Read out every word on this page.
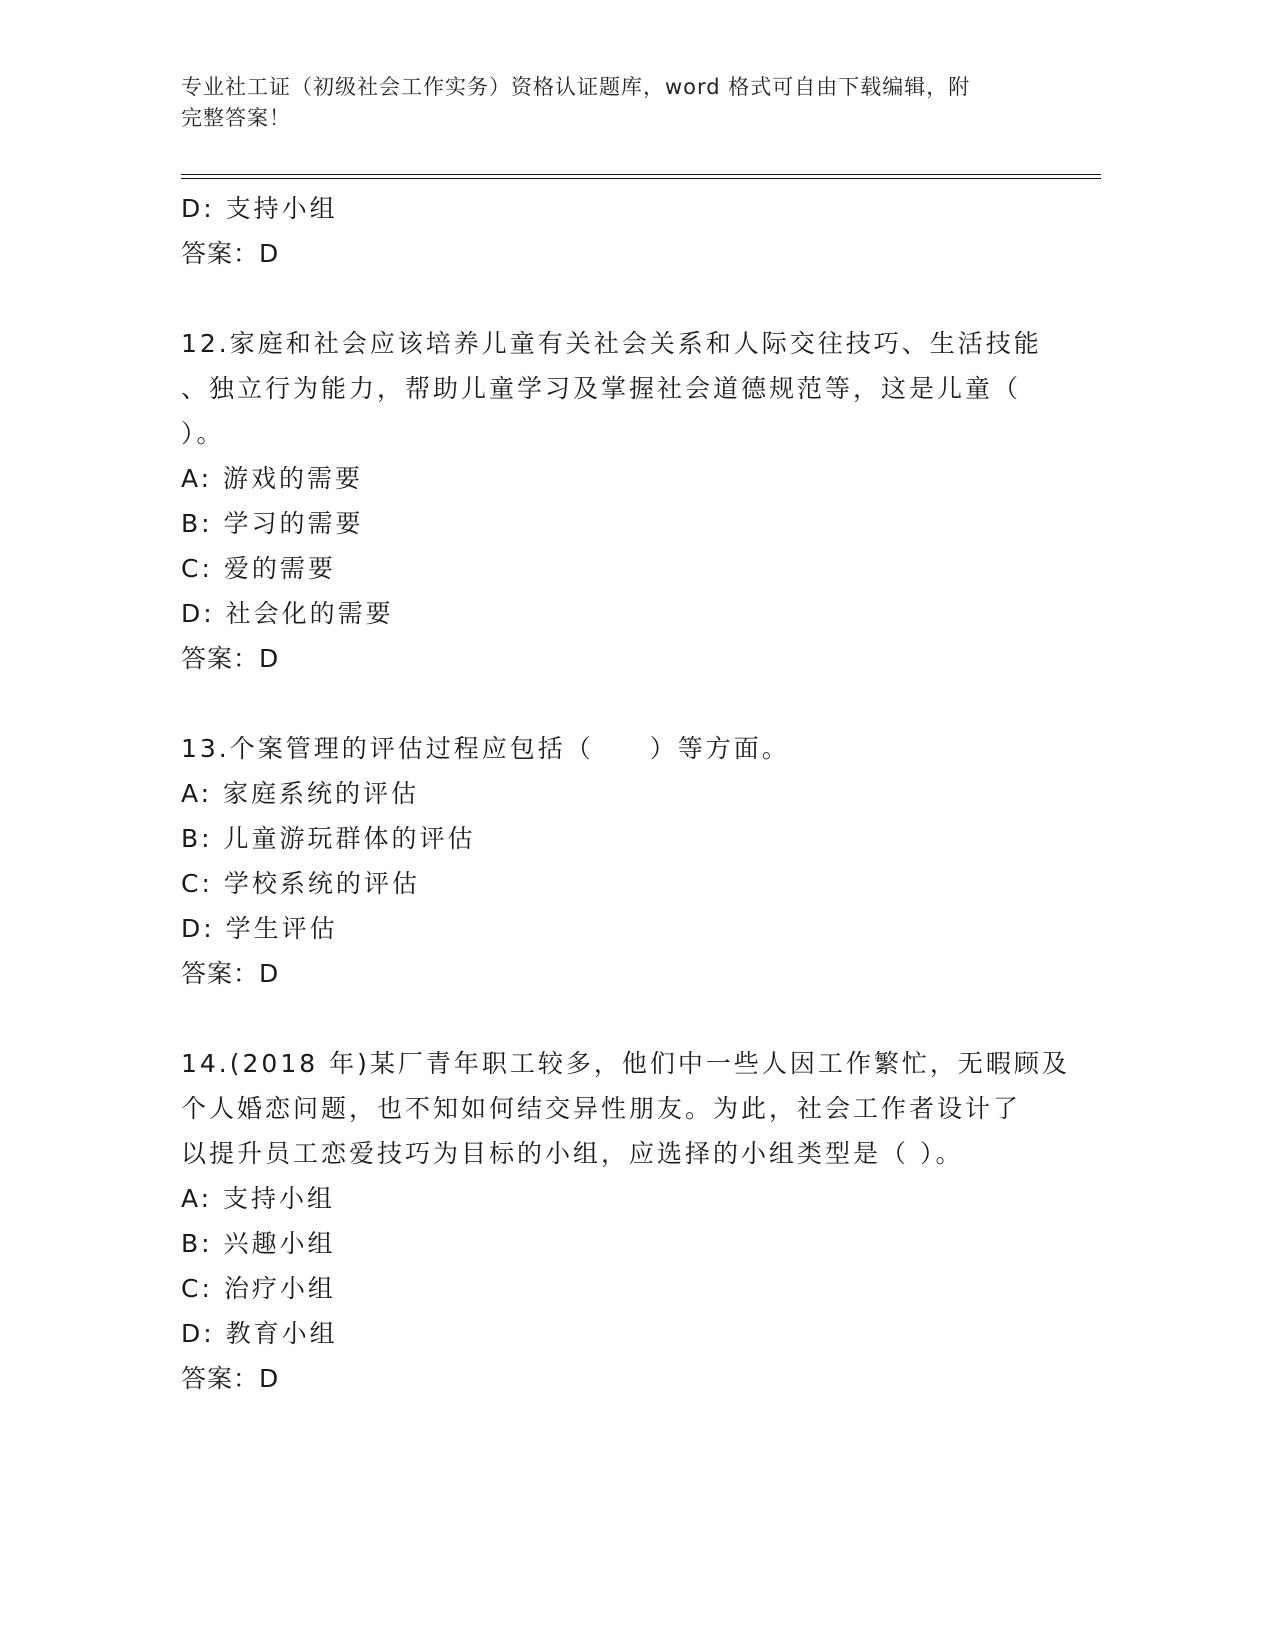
专业社工证（初级社会工作实务）资格认证题库，word 格式可自由下载编辑，附
完整答案！
D: 支持小组
答案：D
12.家庭和社会应该培养儿童有关社会关系和人际交往技巧、生活技能
、独立行为能力，帮助儿童学习及掌握社会道德规范等，这是儿童（
）。
A: 游戏的需要
B: 学习的需要
C: 爱的需要
D: 社会化的需要
答案：D
13.个案管理的评估过程应包括（　　）等方面。
A: 家庭系统的评估
B: 儿童游玩群体的评估
C: 学校系统的评估
D: 学生评估
答案：D
14.(2018 年)某厂青年职工较多，他们中一些人因工作繁忙，无暇顾及
个人婚恋问题，也不知如何结交异性朋友。为此，社会工作者设计了
以提升员工恋爱技巧为目标的小组，应选择的小组类型是（ ）。
A: 支持小组
B: 兴趣小组
C: 治疗小组
D: 教育小组
答案：D
